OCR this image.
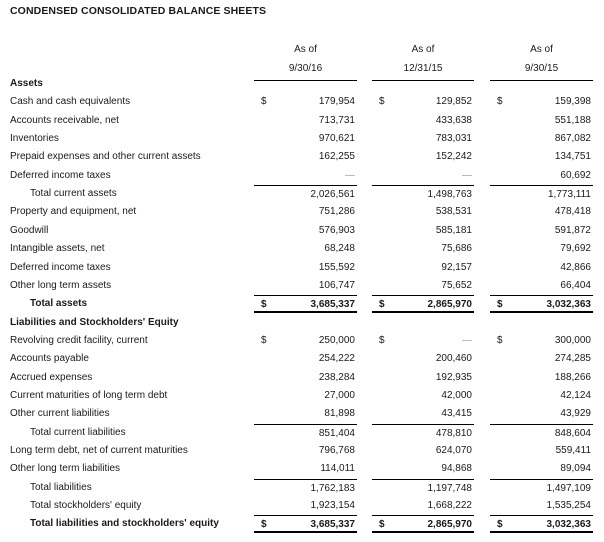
CONDENSED CONSOLIDATED BALANCE SHEETS
As of
9/30/16
As of
12/31/15
As of
9/30/15
Assets
Cash and cash equivalents	$	179,954 $	129,852	$	159,398
Accounts receivable, net	713,731	433,638	551,188
Inventories	970,621	783,031	867,082
Prepaid expenses and other current assets	162,255	152,242	134,751
Deferred income taxes	—	—	60,692
Total current assets	2,026,561	1,498,763	1,773,111
Property and equipment, net	751,286	538,531	478,418
Goodwill	576,903	585,181	591,872
Intangible assets, net	68,248	75,686	79,692
Deferred income taxes	155,592	92,157	42,866
Other long term assets	106,747	75,652	66,404
Total assets	$	3,685,337 $	2,865,970	$	3,032,363
Liabilities and Stockholders' Equity
Revolving credit facility, current	$	250,000 $	—	$	300,000
Accounts payable	254,222	200,460	274,285
Accrued expenses	238,284	192,935	188,266
Current maturities of long term debt	27,000	42,000	42,124
Other current liabilities	81,898	43,415	43,929
Total current liabilities	851,404	478,810	848,604
Long term debt, net of current maturities	796,768	624,070	559,411
Other long term liabilities	114,011	94,868	89,094
Total liabilities	1,762,183	1,197,748	1,497,109
Total stockholders' equity	1,923,154	1,668,222	1,535,254
Total liabilities and stockholders' equity	$	3,685,337 $	2,865,970	$	3,032,363
